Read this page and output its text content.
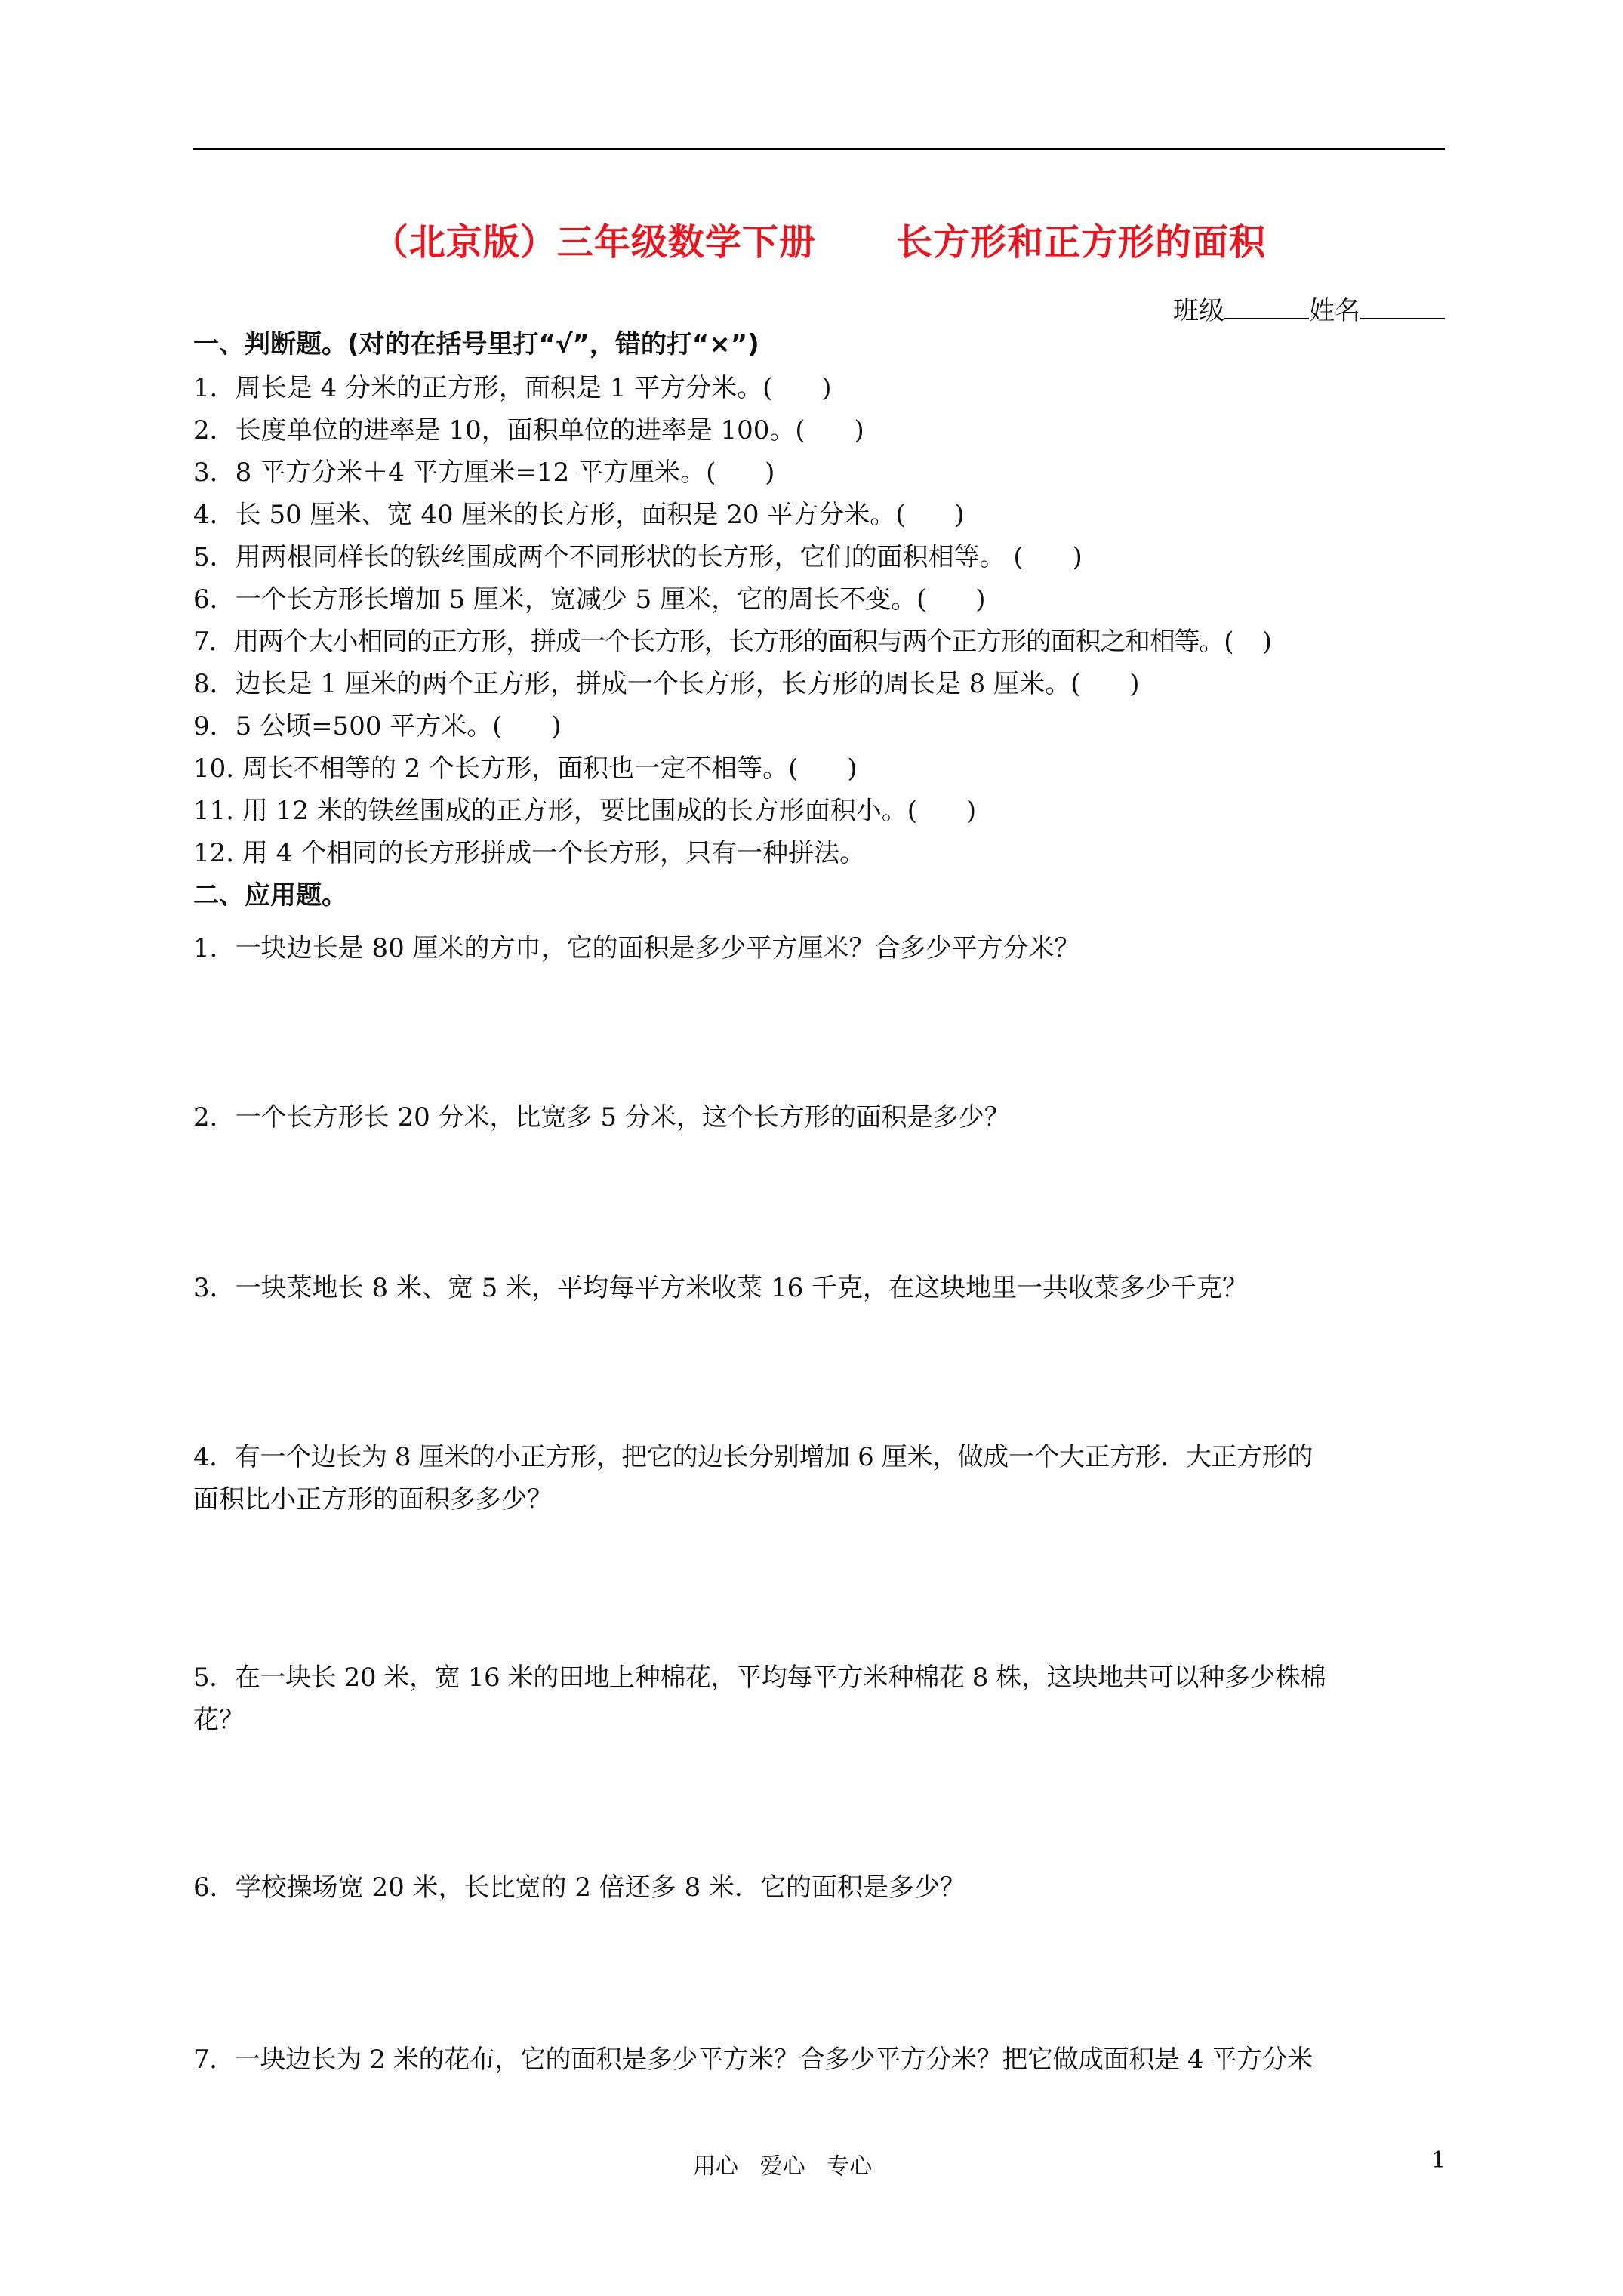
（北京版）三年级数学下册      长方形和正方形的面积
班级	姓名
一、判断题。(对的在括号里打“√”，错的打“×”)
1．周长是 4 分米的正方形，面积是 1 平方分米。(      )
2．长度单位的进率是 10，面积单位的进率是 100。(      )
3．8 平方分米＋4 平方厘米=12 平方厘米。(      )
4．长 50 厘米、宽 40 厘米的长方形，面积是 20 平方分米。(      )
5．用两根同样长的铁丝围成两个不同形状的长方形，它们的面积相等。 (      )
6．一个长方形长增加 5 厘米，宽减少 5 厘米，它的周长不变。(      )
7．用两个大小相同的正方形，拼成一个长方形，长方形的面积与两个正方形的面积之和相等。(    )
8．边长是 1 厘米的两个正方形，拼成一个长方形，长方形的周长是 8 厘米。(      )
9．5 公顷=500 平方米。(      )
10. 周长不相等的 2 个长方形，面积也一定不相等。(      )
11. 用 12 米的铁丝围成的正方形，要比围成的长方形面积小。(      )
12. 用 4 个相同的长方形拼成一个长方形，只有一种拼法。
二、应用题。
1．一块边长是 80 厘米的方巾，它的面积是多少平方厘米？合多少平方分米？
2．一个长方形长 20 分米，比宽多 5 分米，这个长方形的面积是多少？
3．一块菜地长 8 米、宽 5 米，平均每平方米收菜 16 千克，在这块地里一共收菜多少千克？
4．有一个边长为 8 厘米的小正方形，把它的边长分别增加 6 厘米，做成一个大正方形．大正方形的
面积比小正方形的面积多多少？
5．在一块长 20 米，宽 16 米的田地上种棉花，平均每平方米种棉花 8 株，这块地共可以种多少株棉
花？
6．学校操场宽 20 米，长比宽的 2 倍还多 8 米．它的面积是多少？
7．一块边长为 2 米的花布，它的面积是多少平方米？合多少平方分米？把它做成面积是 4 平方分米
用心   爱心   专心	1
